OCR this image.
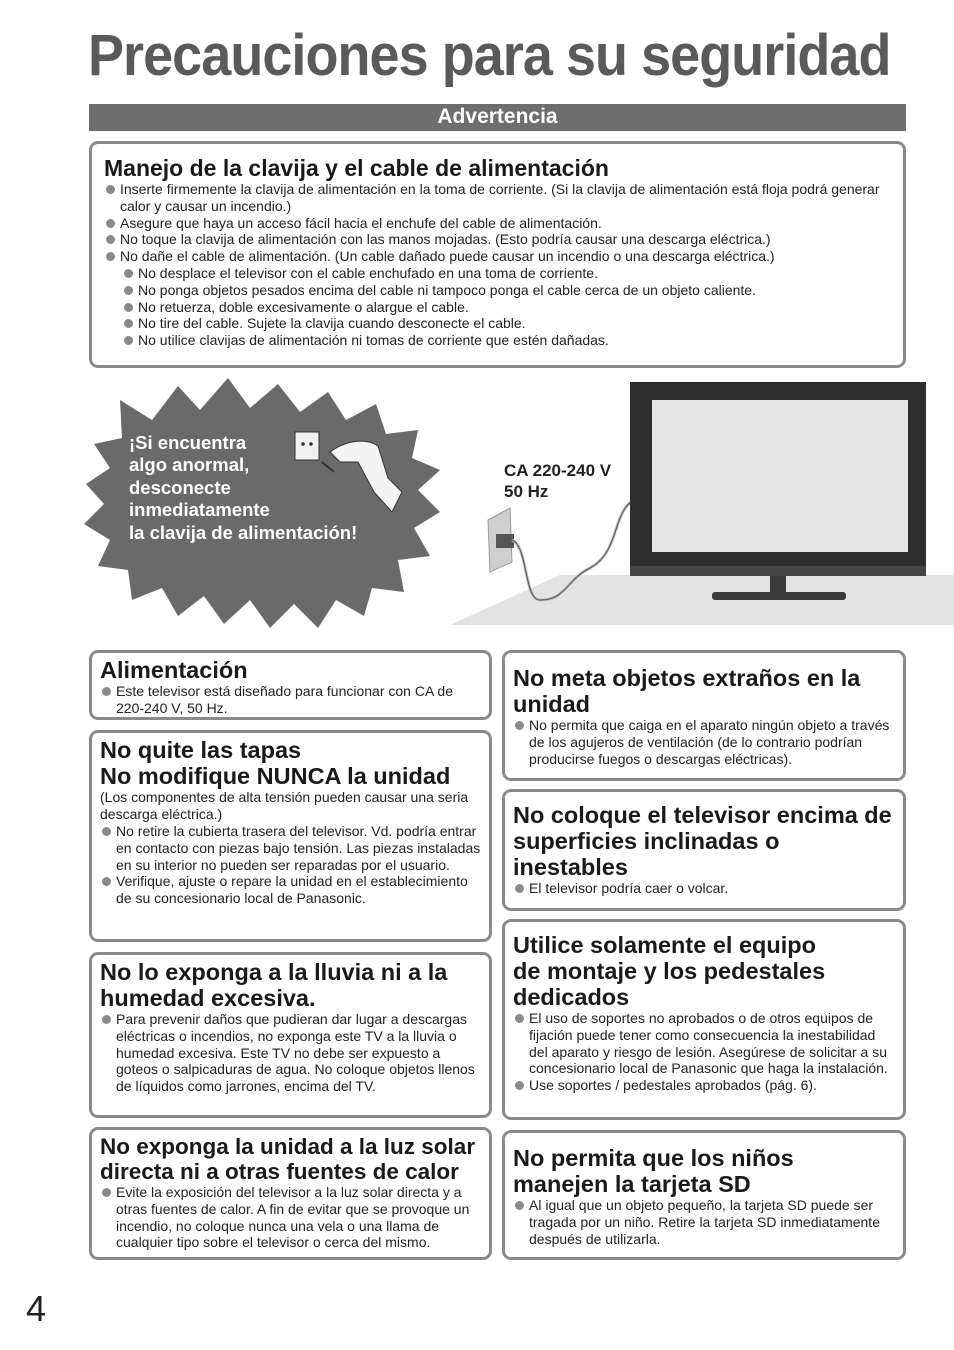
Precauciones para su seguridad
Advertencia
Manejo de la clavija y el cable de alimentación
Inserte firmemente la clavija de alimentación en la toma de corriente. (Si la clavija de alimentación está floja podrá generar calor y causar un incendio.)
Asegure que haya un acceso fácil hacia el enchufe del cable de alimentación.
No toque la clavija de alimentación con las manos mojadas. (Esto podría causar una descarga eléctrica.)
No dañe el cable de alimentación. (Un cable dañado puede causar un incendio o una descarga eléctrica.)
No desplace el televisor con el cable enchufado en una toma de corriente.
No ponga objetos pesados encima del cable ni tampoco ponga el cable cerca de un objeto caliente.
No retuerza, doble excesivamente o alargue el cable.
No tire del cable. Sujete la clavija cuando desconecte el cable.
No utilice clavijas de alimentación ni tomas de corriente que estén dañadas.
¡Si encuentra
algo anormal,
desconecte
inmediatamente
la clavija de alimentación!
CA 220-240 V
50 Hz
Alimentación
Este televisor está diseñado para funcionar con CA de 220-240 V, 50 Hz.
No quite las tapas
No modifique NUNCA la unidad

(Los componentes de alta tensión pueden causar una seria descarga eléctrica.)

No retire la cubierta trasera del televisor. Vd. podría entrar en contacto con piezas bajo tensión. Las piezas instaladas en su interior no pueden ser reparadas por el usuario.
Verifique, ajuste o repare la unidad en el establecimiento de su concesionario local de Panasonic.
No lo exponga a la lluvia ni a la humedad excesiva.
Para prevenir daños que pudieran dar lugar a descargas eléctricas o incendios, no exponga este TV a la lluvia o humedad excesiva. Este TV no debe ser expuesto a goteos o salpicaduras de agua. No coloque objetos llenos de líquidos como jarrones, encima del TV.
No exponga la unidad a la luz solar directa ni a otras fuentes de calor
Evite la exposición del televisor a la luz solar directa y a otras fuentes de calor. A fin de evitar que se provoque un incendio, no coloque nunca una vela o una llama de cualquier tipo sobre el televisor o cerca del mismo.
No meta objetos extraños en la unidad
No permita que caiga en el aparato ningún objeto a través de los agujeros de ventilación (de lo contrario podrían producirse fuegos o descargas eléctricas).
No coloque el televisor encima de superficies inclinadas o inestables
El televisor podría caer o volcar.
Utilice solamente el equipo de montaje y los pedestales dedicados
El uso de soportes no aprobados o de otros equipos de fijación puede tener como consecuencia la inestabilidad del aparato y riesgo de lesión. Asegúrese de solicitar a su concesionario local de Panasonic que haga la instalación.
Use soportes / pedestales aprobados (pág. 6).
No permita que los niños manejen la tarjeta SD
Al igual que un objeto pequeño, la tarjeta SD puede ser tragada por un niño. Retire la tarjeta SD inmediatamente después de utilizarla.
4
